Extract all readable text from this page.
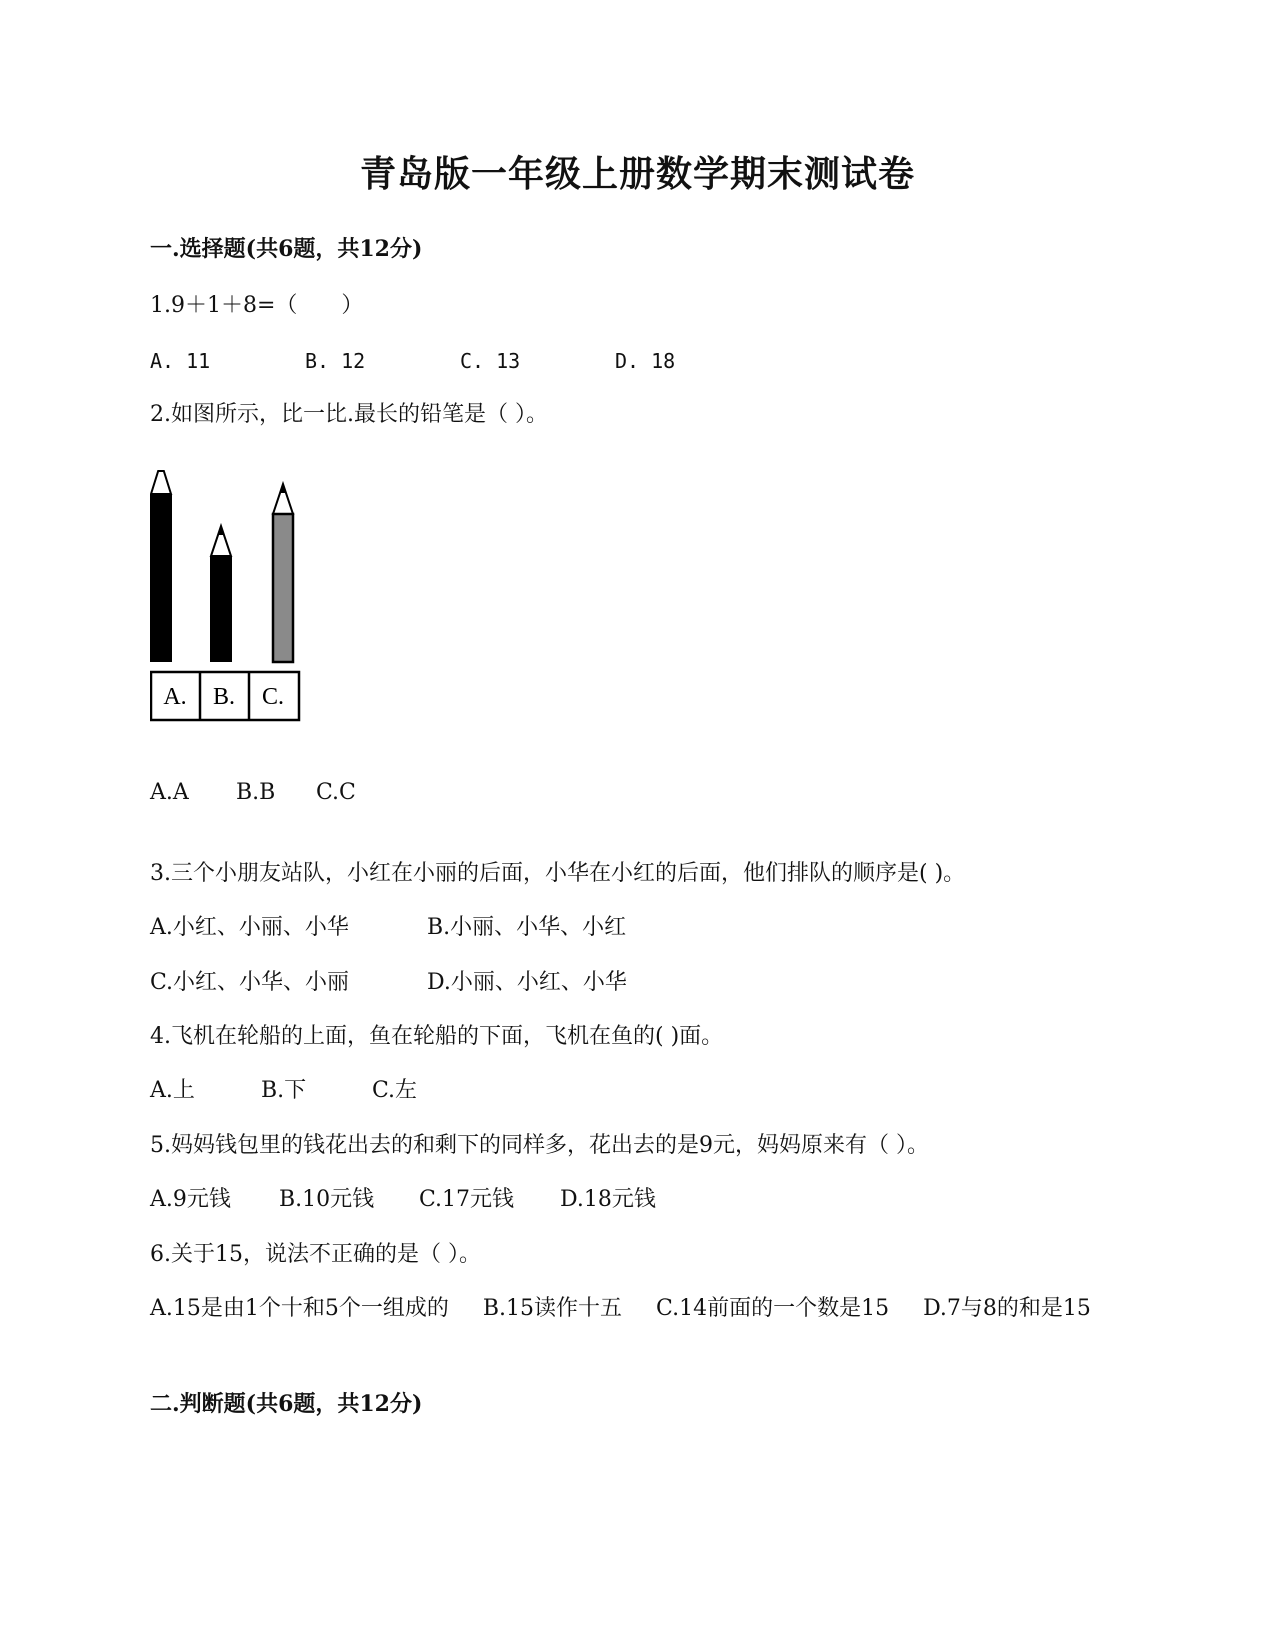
青岛版一年级上册数学期末测试卷
一.选择题(共6题，共12分)
1.9＋1＋8=（　　）
A. 11	B. 12	C. 13	D. 18
2.如图所示，比一比.最长的铅笔是（ ）。
A. B. C.
A.A B.B C.C
3.三个小朋友站队，小红在小丽的后面，小华在小红的后面，他们排队的顺序是( )。
A.小红、小丽、小华	B.小丽、小华、小红
C.小红、小华、小丽	D.小丽、小红、小华
4.飞机在轮船的上面，鱼在轮船的下面，飞机在鱼的( )面。
A.上	B.下	C.左
5.妈妈钱包里的钱花出去的和剩下的同样多，花出去的是9元，妈妈原来有（ ）。
A.9元钱 B.10元钱 C.17元钱 D.18元钱
6.关于15，说法不正确的是（ ）。
A.15是由1个十和5个一组成的 B.15读作十五 C.14前面的一个数是15 D.7与8的和是15
二.判断题(共6题，共12分)
